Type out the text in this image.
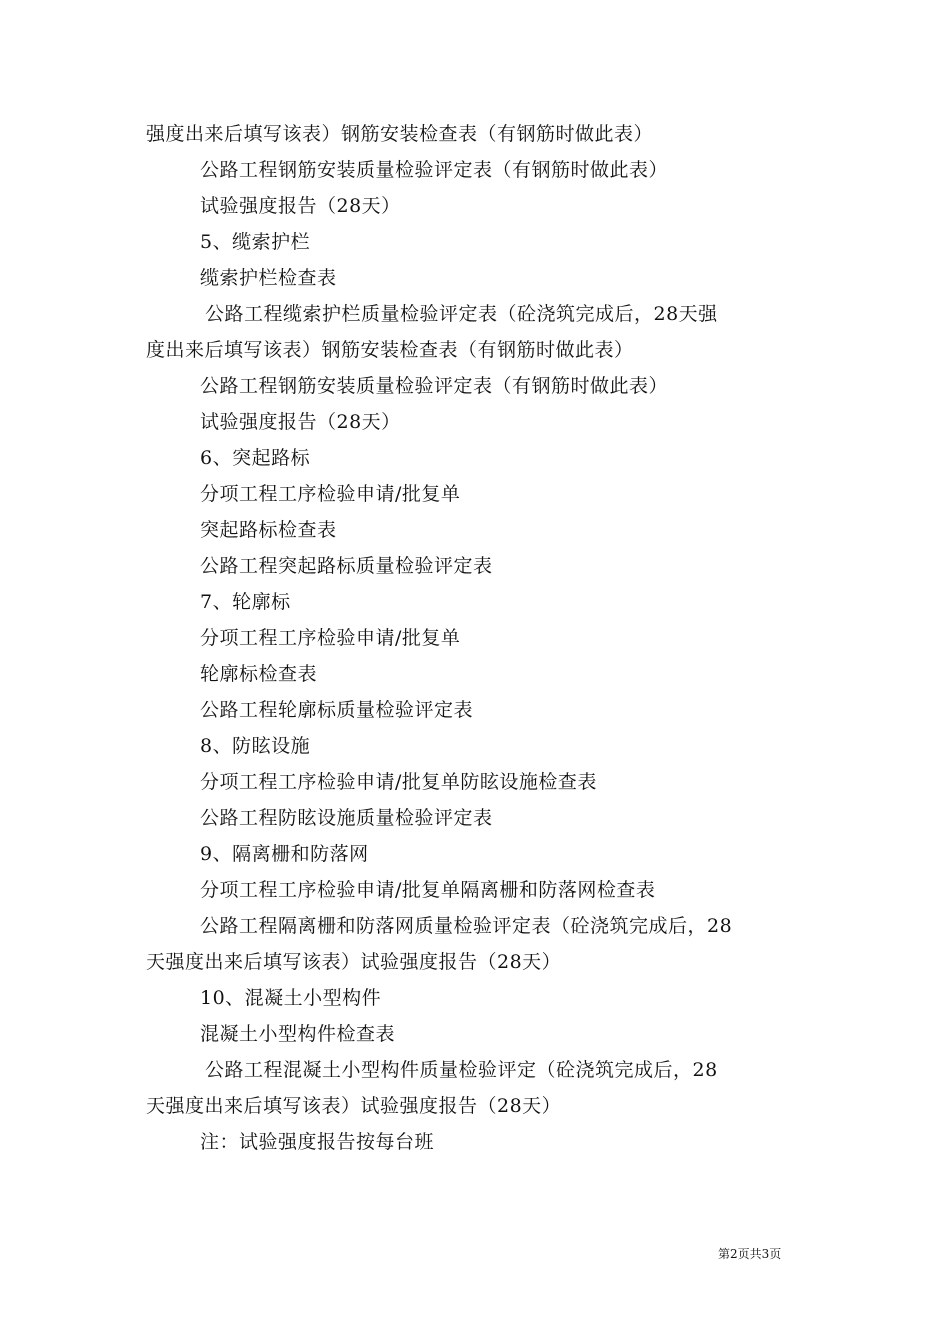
强度出来后填写该表）钢筋安装检查表（有钢筋时做此表）
公路工程钢筋安装质量检验评定表（有钢筋时做此表）
试验强度报告（28天）
5、缆索护栏
缆索护栏检查表
公路工程缆索护栏质量检验评定表（砼浇筑完成后，28天强
度出来后填写该表）钢筋安装检查表（有钢筋时做此表）
公路工程钢筋安装质量检验评定表（有钢筋时做此表）
试验强度报告（28天）
6、突起路标
分项工程工序检验申请/批复单
突起路标检查表
公路工程突起路标质量检验评定表
7、轮廓标
分项工程工序检验申请/批复单
轮廓标检查表
公路工程轮廓标质量检验评定表
8、防眩设施
分项工程工序检验申请/批复单防眩设施检查表
公路工程防眩设施质量检验评定表
9、隔离栅和防落网
分项工程工序检验申请/批复单隔离栅和防落网检查表
公路工程隔离栅和防落网质量检验评定表（砼浇筑完成后，28
天强度出来后填写该表）试验强度报告（28天）
10、混凝土小型构件
混凝土小型构件检查表
公路工程混凝土小型构件质量检验评定（砼浇筑完成后，28
天强度出来后填写该表）试验强度报告（28天）
注：试验强度报告按每台班
第2页共3页
